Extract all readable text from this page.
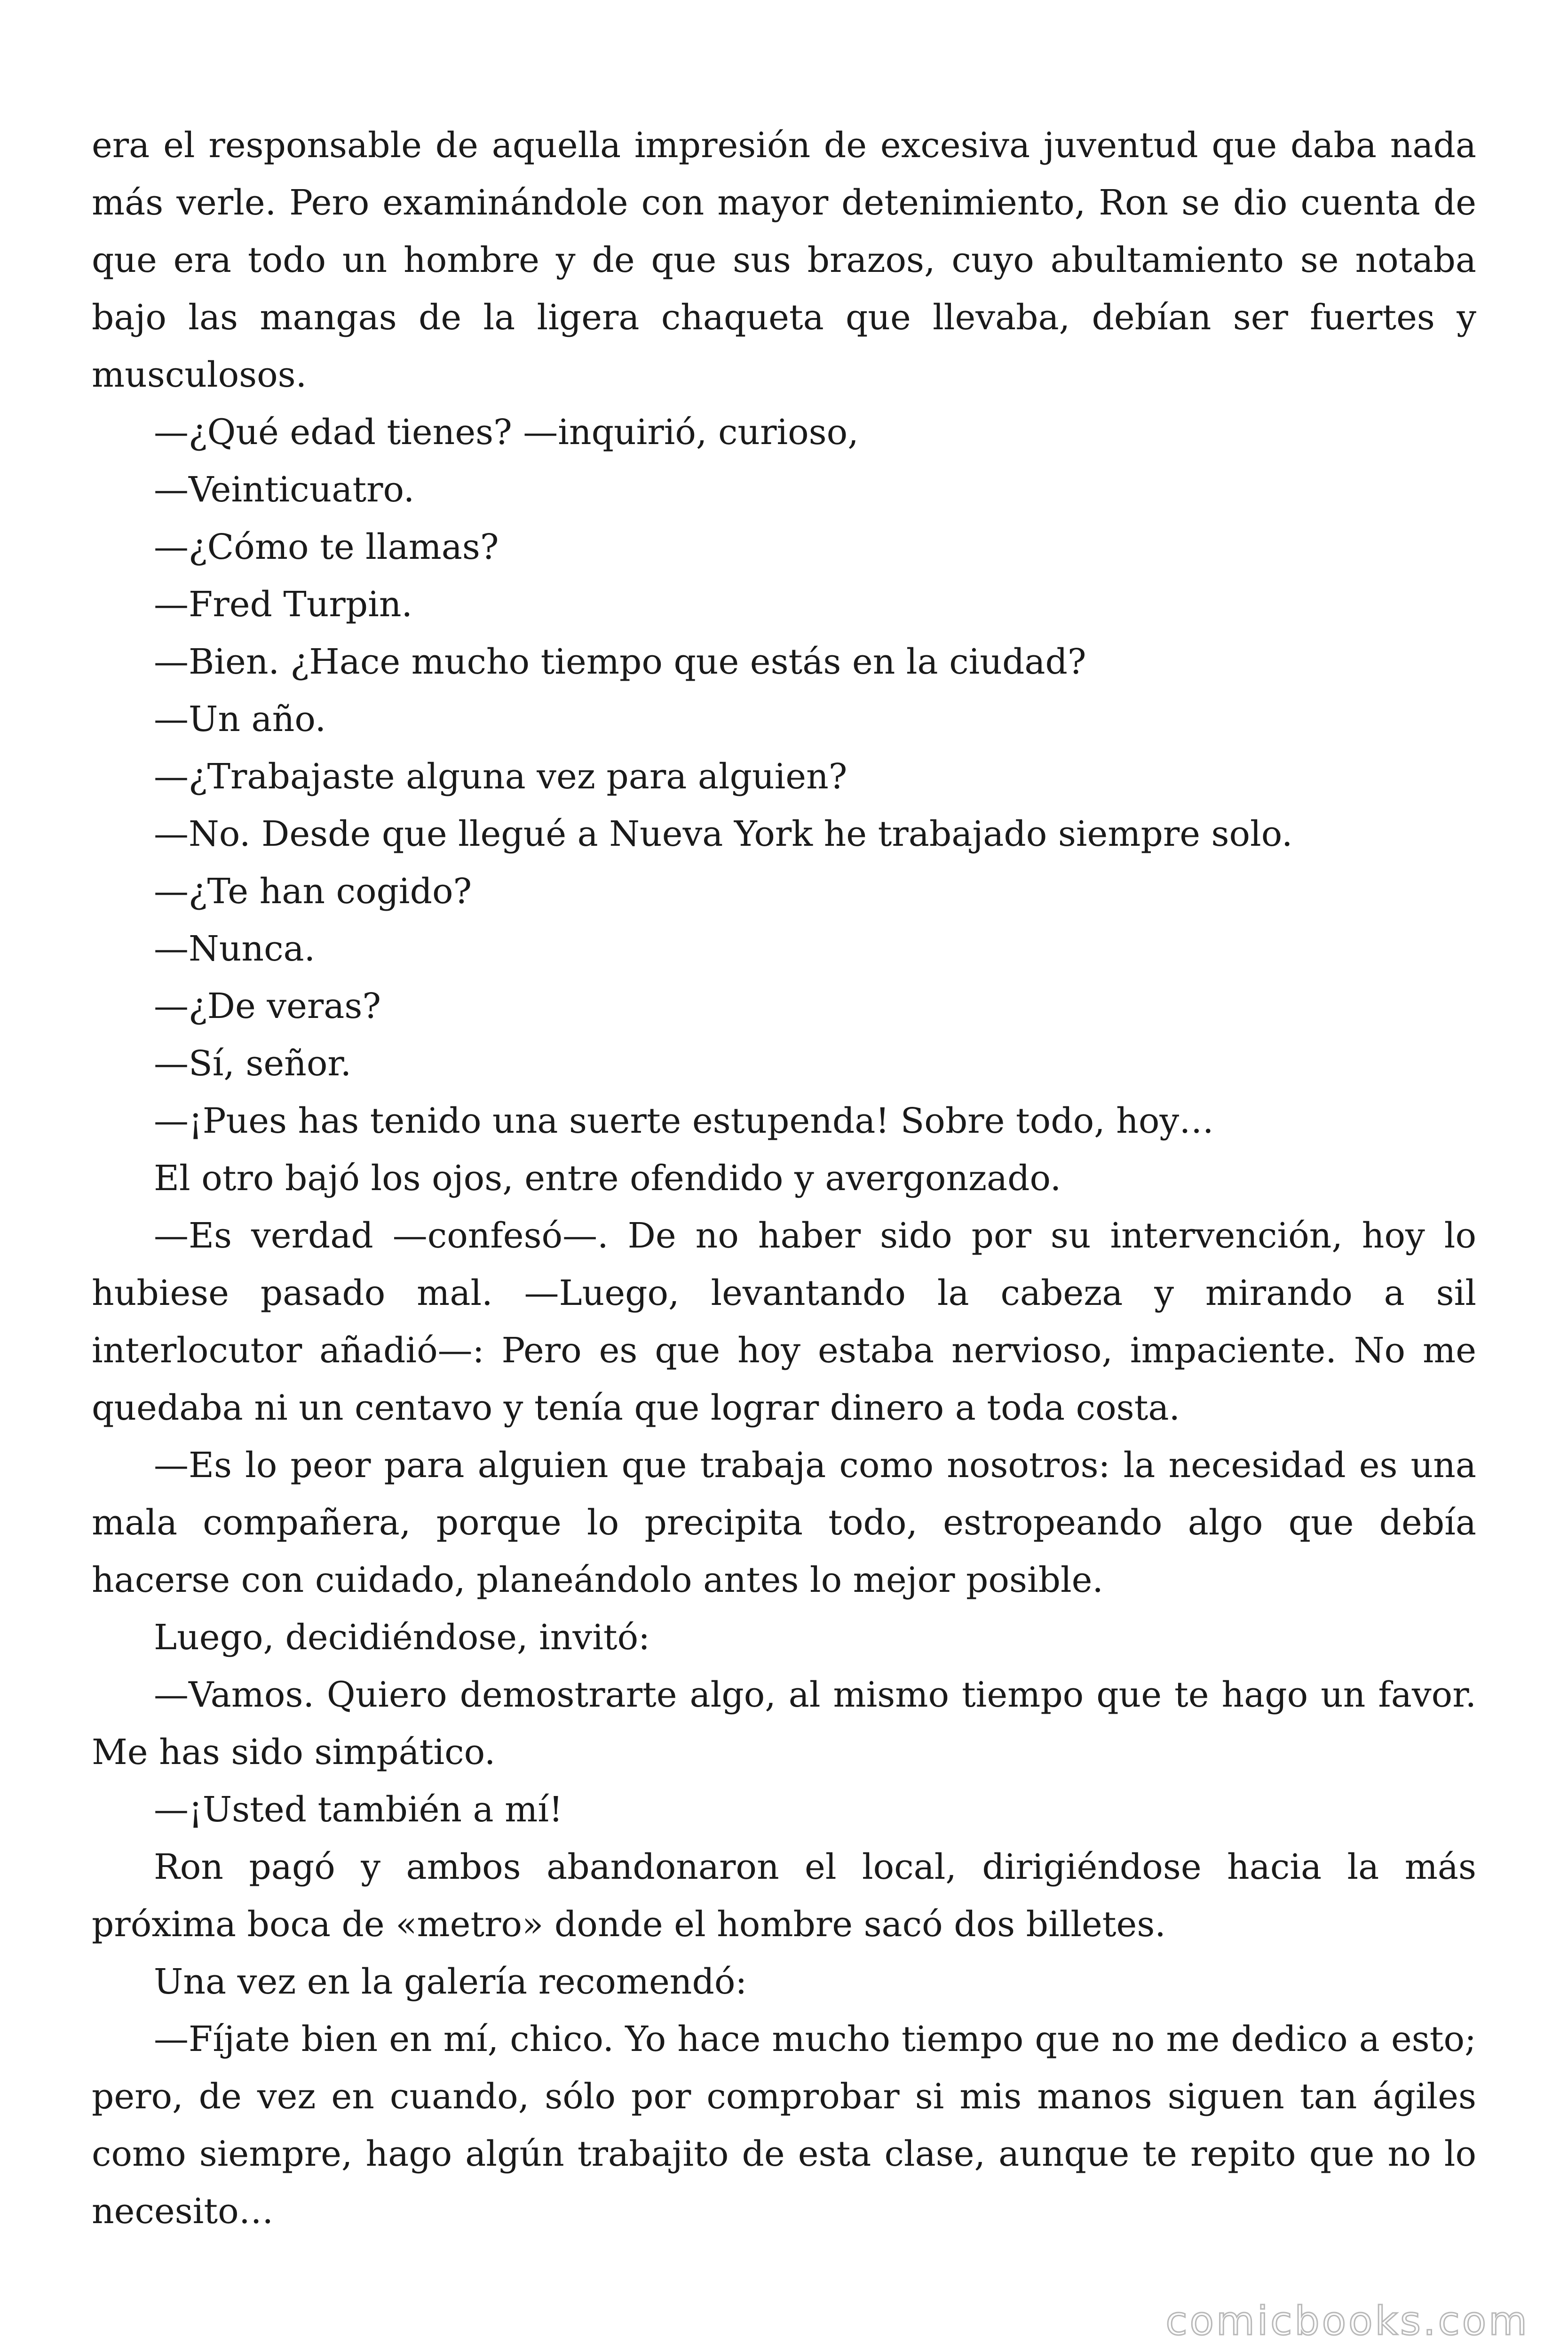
era el responsable de aquella impresión de excesiva juventud que daba nada más verle. Pero examinándole con mayor detenimiento, Ron se dio cuenta de que era todo un hombre y de que sus brazos, cuyo abultamiento se notaba bajo las mangas de la ligera chaqueta que llevaba, debían ser fuertes y musculosos.

—¿Qué edad tienes? —inquirió, curioso,

—Veinticuatro.

—¿Cómo te llamas?

—Fred Turpin.

—Bien. ¿Hace mucho tiempo que estás en la ciudad?

—Un año.

—¿Trabajaste alguna vez para alguien?

—No. Desde que llegué a Nueva York he trabajado siempre solo.

—¿Te han cogido?

—Nunca.

—¿De veras?

—Sí, señor.

—¡Pues has tenido una suerte estupenda! Sobre todo, hoy…

El otro bajó los ojos, entre ofendido y avergonzado.

—Es verdad —confesó—. De no haber sido por su intervención, hoy lo hubiese pasado mal. —Luego, levantando la cabeza y mirando a sil interlocutor añadió—: Pero es que hoy estaba nervioso, impaciente. No me quedaba ni un centavo y tenía que lograr dinero a toda costa.

—Es lo peor para alguien que trabaja como nosotros: la necesidad es una mala compañera, porque lo precipita todo, estropeando algo que debía hacerse con cuidado, planeándolo antes lo mejor posible.

Luego, decidiéndose, invitó:

—Vamos. Quiero demostrarte algo, al mismo tiempo que te hago un favor. Me has sido simpático.

—¡Usted también a mí!

Ron pagó y ambos abandonaron el local, dirigiéndose hacia la más próxima boca de «metro» donde el hombre sacó dos billetes.

Una vez en la galería recomendó:

—Fíjate bien en mí, chico. Yo hace mucho tiempo que no me dedico a esto; pero, de vez en cuando, sólo por comprobar si mis manos siguen tan ágiles como siempre, hago algún trabajito de esta clase, aunque te repito que no lo necesito…

comicbooks.com
